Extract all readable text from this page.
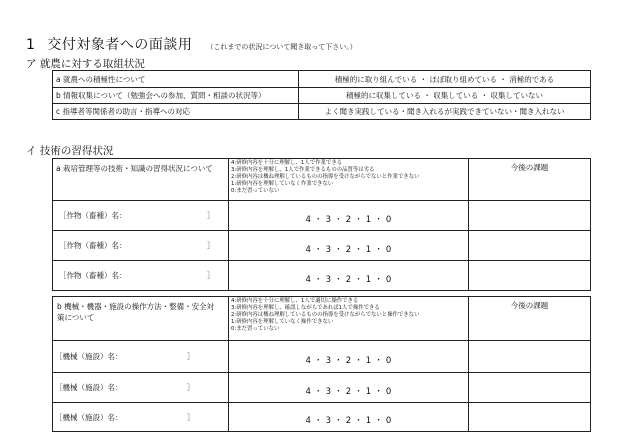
1 交付対象者への面談用 （これまでの状況について聞き取って下さい。）
ア 就農に対する取組状況
a 就農への積極性について	積極的に取り組んでいる ・ ほぼ取り組めている ・ 消極的である
b 情報収集について（勉強会への参加、質問・相談の状況等）	積極的に収集している ・ 収集している ・ 収集していない
c 指導者等関係者の助言・指導への対応	よく聞き実践している・聞き入れるが実践できていない・聞き入れない
イ 技術の習得状況
a 栽培管理等の技術・知識の習得状況について	4:研修内容を十分に理解し、1人で作業できる
3:研修内容を理解し、1人で作業できるものの品質等は劣る
2:研修内容は概ね理解しているものの指導を受けながらでないと作業できない
1:研修内容を理解していなく作業できない
0:まだ習っていない	今後の課題
［作物（畜種）名： ］	4 ・ 3 ・ 2 ・ 1 ・ 0	
［作物（畜種）名： ］	4 ・ 3 ・ 2 ・ 1 ・ 0	
［作物（畜種）名： ］	4 ・ 3 ・ 2 ・ 1 ・ 0	
b 機械・機器・施設の操作方法・整備・安全対策について	4:研修内容を十分に理解し、1人で適切に操作できる
3:研修内容を理解し、確認しながらであれば1人で操作できる
2:研修内容は概ね理解しているものの指導を受けながらでないと操作できない
1:研修内容を理解していなく操作できない
0:まだ習っていない	今後の課題
［機械（施設）名： ］	4 ・ 3 ・ 2 ・ 1 ・ 0	
［機械（施設）名： ］	4 ・ 3 ・ 2 ・ 1 ・ 0	
［機械（施設）名： ］	4 ・ 3 ・ 2 ・ 1 ・ 0	
